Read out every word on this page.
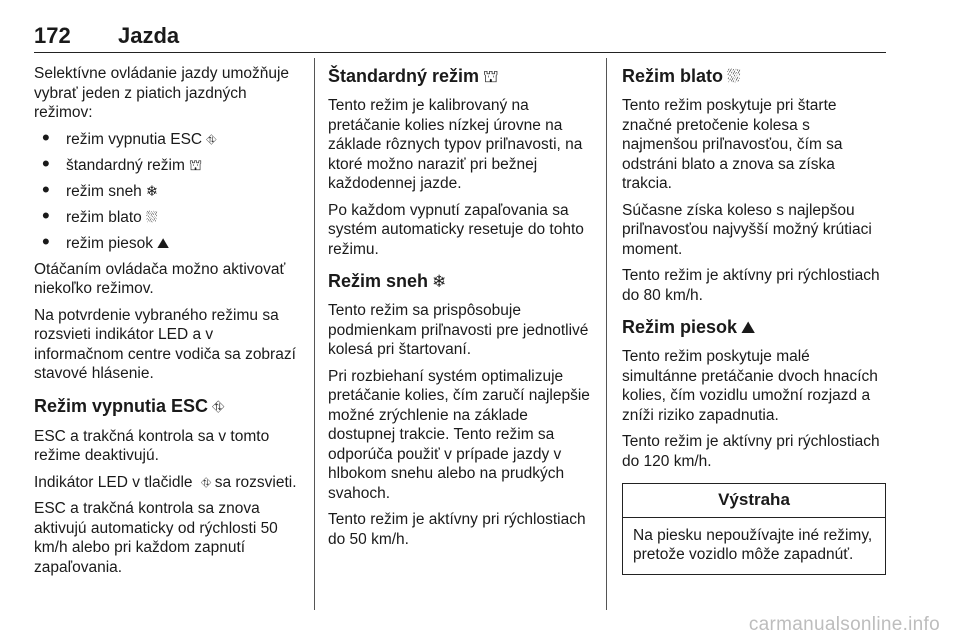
172 Jazda

Selektívne ovládanie jazdy umožňuje vybrať jeden z piatich jazdných režimov:

• režim vypnutia ESC ⛗
• štandardný režim ⛫
• režim sneh ❄
• režim blato ⛆
• režim piesok ⛰

Otáčaním ovládača možno aktivovať niekoľko režimov.

Na potvrdenie vybraného režimu sa rozsvieti indikátor LED a v informačnom centre vodiča sa zobrazí stavové hlásenie.

Režim vypnutia ESC ⛗

ESC a trakčná kontrola sa v tomto režime deaktivujú.

Indikátor LED v tlačidle ⛗ sa rozsvieti.

ESC a trakčná kontrola sa znova aktivujú automaticky od rýchlosti 50 km/h alebo pri každom zapnutí zapaľovania.

Štandardný režim ⛫

Tento režim je kalibrovaný na pretáčanie kolies nízkej úrovne na základe rôznych typov priľnavosti, na ktoré možno naraziť pri bežnej každodennej jazde.

Po každom vypnutí zapaľovania sa systém automaticky resetuje do tohto režimu.

Režim sneh ❄

Tento režim sa prispôsobuje podmienkam priľnavosti pre jednotlivé kolesá pri štartovaní.

Pri rozbiehaní systém optimalizuje pretáčanie kolies, čím zaručí najlepšie možné zrýchlenie na základe dostupnej trakcie. Tento režim sa odporúča použiť v prípade jazdy v hlbokom snehu alebo na prudkých svahoch.

Tento režim je aktívny pri rýchlostiach do 50 km/h.

Režim blato ⛆

Tento režim poskytuje pri štarte značné pretočenie kolesa s najmenšou priľnavosťou, čím sa odstráni blato a znova sa získa trakcia.

Súčasne získa koleso s najlepšou priľnavosťou najvyšší možný krútiaci moment.

Tento režim je aktívny pri rýchlostiach do 80 km/h.

Režim piesok ⛰

Tento režim poskytuje malé simultánne pretáčanie dvoch hnacích kolies, čím vozidlu umožní rozjazd a zníži riziko zapadnutia.

Tento režim je aktívny pri rýchlostiach do 120 km/h.

Výstraha
Na piesku nepoužívajte iné režimy, pretože vozidlo môže zapadnúť.
carmanualsonline.info
